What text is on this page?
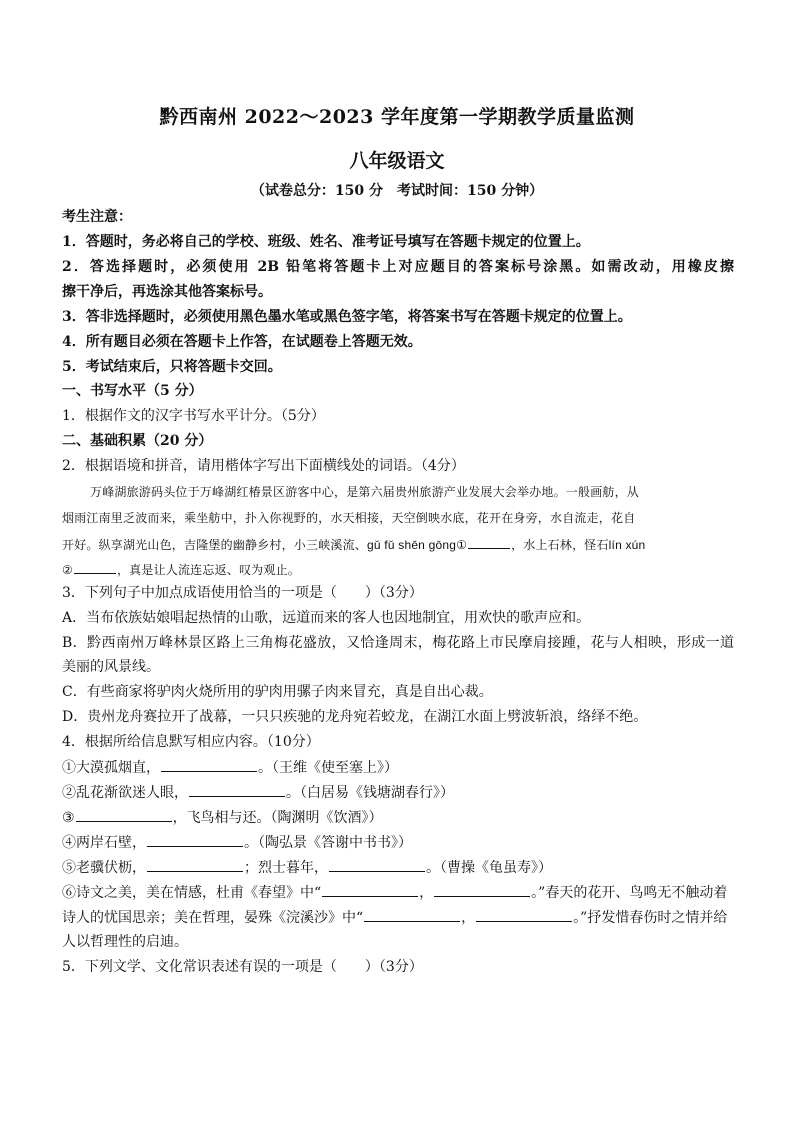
黔西南州 2022～2023 学年度第一学期教学质量监测
八年级语文
（试卷总分：150 分　考试时间：150 分钟）
考生注意：
1．答题时，务必将自己的学校、班级、姓名、准考证号填写在答题卡规定的位置上。
2．答选择题时，必须使用 2B 铅笔将答题卡上对应题目的答案标号涂黑。如需改动，用橡皮擦
擦干净后，再选涂其他答案标号。
3．答非选择题时，必须使用黑色墨水笔或黑色签字笔，将答案书写在答题卡规定的位置上。
4．所有题目必须在答题卡上作答，在试题卷上答题无效。
5．考试结束后，只将答题卡交回。
一、书写水平（5 分）
1．根据作文的汉字书写水平计分。（5分）
二、基础积累（20 分）
2．根据语境和拼音，请用楷体字写出下面横线处的词语。（4分）
万峰湖旅游码头位于万峰湖红椿景区游客中心，是第六届贵州旅游产业发展大会举办地。一般画舫，从
烟雨江南里乏波而来，乘坐舫中，扑入你视野的，水天相接，天空倒映水底，花开在身旁，水自流走，花自
开好。纵享湖光山色，吉隆堡的幽静乡村，小三峡溪流、gǔ fǔ shēn gōng①	，水上石林，怪石lín xún
②	，真是让人流连忘返、叹为观止。
3．下列句子中加点成语使用恰当的一项是（　　）（3分）
A．当布依族姑娘唱起热情的山歌，远道而来的客人也因地制宜，用欢快的歌声应和。
B．黔西南州万峰林景区路上三角梅花盛放，又恰逢周末，梅花路上市民摩肩接踵，花与人相映，形成一道
美丽的风景线。
C．有些商家将驴肉火烧所用的驴肉用骡子肉来冒充，真是自出心裁。
D．贵州龙舟赛拉开了战幕，一只只疾驰的龙舟宛若蛟龙，在湖江水面上劈波斩浪，络绎不绝。
4．根据所给信息默写相应内容。（10分）
①大漠孤烟直，	。（王维《使至塞上》）
②乱花渐欲迷人眼，	。（白居易《钱塘湖春行》）
③	，飞鸟相与还。（陶渊明《饮酒》）
④两岸石壁，	。（陶弘景《答谢中书书》）
⑤老骥伏枥，	；烈士暮年，	。（曹操《龟虽寿》）
⑥诗文之美，美在情感，杜甫《春望》中“	，	。”春天的花开、鸟鸣无不触动着
诗人的忧国思亲；美在哲理，晏殊《浣溪沙》中“	，	。”抒发惜春伤时之情并给
人以哲理性的启迪。
5．下列文学、文化常识表述有误的一项是（　　）（3分）
